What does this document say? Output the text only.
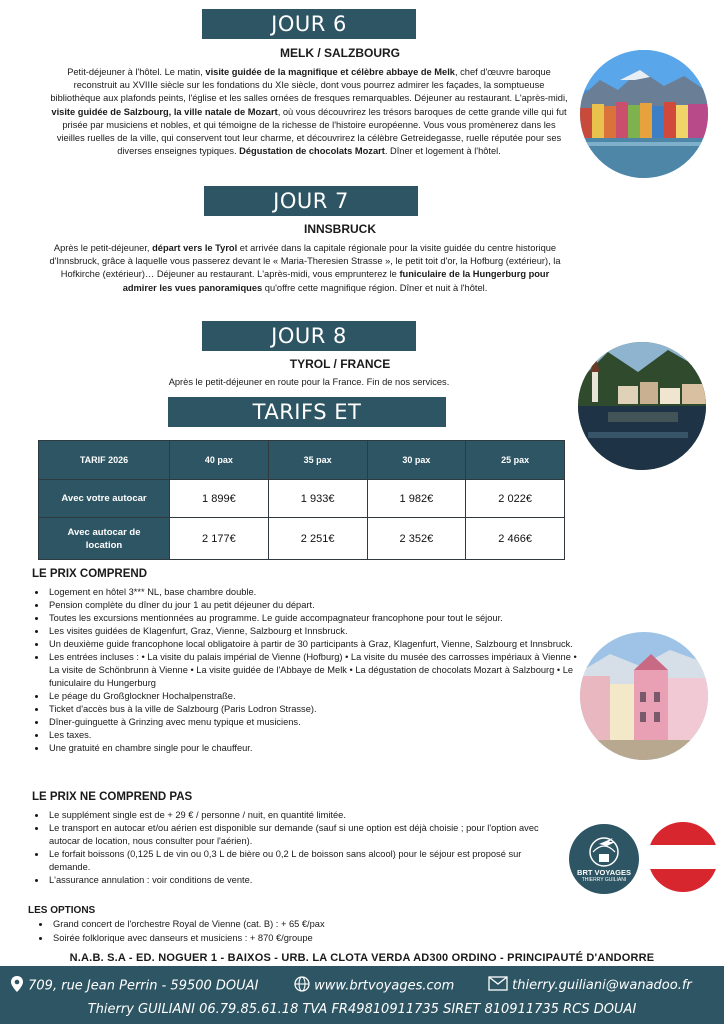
JOUR 6
MELK / SALZBOURG
Petit-déjeuner à l'hôtel. Le matin, visite guidée de la magnifique et célèbre abbaye de Melk, chef d'œuvre baroque reconstruit au XVIIIe siècle sur les fondations du XIe siècle, dont vous pourrez admirer les façades, la somptueuse bibliothèque aux plafonds peints, l'église et les salles ornées de fresques remarquables. Déjeuner au restaurant. L'après-midi, visite guidée de Salzbourg, la ville natale de Mozart, où vous découvrirez les trésors baroques de cette grande ville qui fut prisée par musiciens et nobles, et qui témoigne de la richesse de l'histoire européenne. Vous vous promènerez dans les vieilles ruelles de la ville, qui conservent tout leur charme, et découvrirez la célèbre Getreidegasse, ruelle réputée pour ses diverses enseignes typiques. Dégustation de chocolats Mozart. Dîner et logement à l'hôtel.
JOUR 7
INNSBRUCK
Après le petit-déjeuner, départ vers le Tyrol et arrivée dans la capitale régionale pour la visite guidée du centre historique d'Innsbruck, grâce à laquelle vous passerez devant le « Maria-Theresien Strasse », le petit toit d'or, la Hofburg (extérieur), la Hofkirche (extérieur)… Déjeuner au restaurant. L'après-midi, vous emprunterez le funiculaire de la Hungerburg pour admirer les vues panoramiques qu'offre cette magnifique région. Dîner et nuit à l'hôtel.
JOUR 8
TYROL / FRANCE
Après le petit-déjeuner en route pour la France. Fin de nos services.
TARIFS ET
TARIF 2026	40 pax	35 pax	30 pax	25 pax
Avec votre autocar	1 899€	1 933€	1 982€	2 022€
Avec autocar de location	2 177€	2 251€	2 352€	2 466€
LE PRIX COMPREND
• Logement en hôtel 3*** NL, base chambre double.
• Pension complète du dîner du jour 1 au petit déjeuner du départ.
• Toutes les excursions mentionnées au programme. Le guide accompagnateur francophone pour tout le séjour.
• Les visites guidées de Klagenfurt, Graz, Vienne, Salzbourg et Innsbruck.
• Un deuxième guide francophone local obligatoire à partir de 30 participants à Graz, Klagenfurt, Vienne, Salzbourg et Innsbruck.
• Les entrées incluses : • La visite du palais impérial de Vienne (Hofburg) • La visite du musée des carrosses impériaux à Vienne • La visite de Schönbrunn à Vienne • La visite guidée de l'Abbaye de Melk • La dégustation de chocolats Mozart à Salzbourg • Le funiculaire du Hungerburg
• Le péage du Großglockner Hochalpenstraße.
• Ticket d'accès bus à la ville de Salzbourg (Paris Lodron Strasse).
• Dîner-guinguette à Grinzing avec menu typique et musiciens.
• Les taxes.
• Une gratuité en chambre single pour le chauffeur.
LE PRIX NE COMPREND PAS
• Le supplément single est de + 29 € / personne / nuit, en quantité limitée.
• Le transport en autocar et/ou aérien est disponible sur demande (sauf si une option est déjà choisie ; pour l'option avec autocar de location, nous consulter pour l'aérien).
• Le forfait boissons (0,125 L de vin ou 0,3 L de bière ou 0,2 L de boisson sans alcool) pour le séjour est proposé sur demande.
• L'assurance annulation : voir conditions de vente.
BRT VOYAGES
THIERRY GUILIANI
LES OPTIONS
• Grand concert de l'orchestre Royal de Vienne (cat. B) : + 65 €/pax
• Soirée folklorique avec danseurs et musiciens : + 870 €/groupe
N.A.B. S.A - ED. NOGUER 1 - BAIXOS - URB. LA CLOTA VERDA AD300 ORDINO - PRINCIPAUTÉ D'ANDORRE
709, rue Jean Perrin - 59500 DOUAI	www.brtvoyages.com	thierry.guiliani@wanadoo.fr
Thierry GUILIANI 06.79.85.61.18 TVA FR49810911735 SIRET 810911735 RCS DOUAI
